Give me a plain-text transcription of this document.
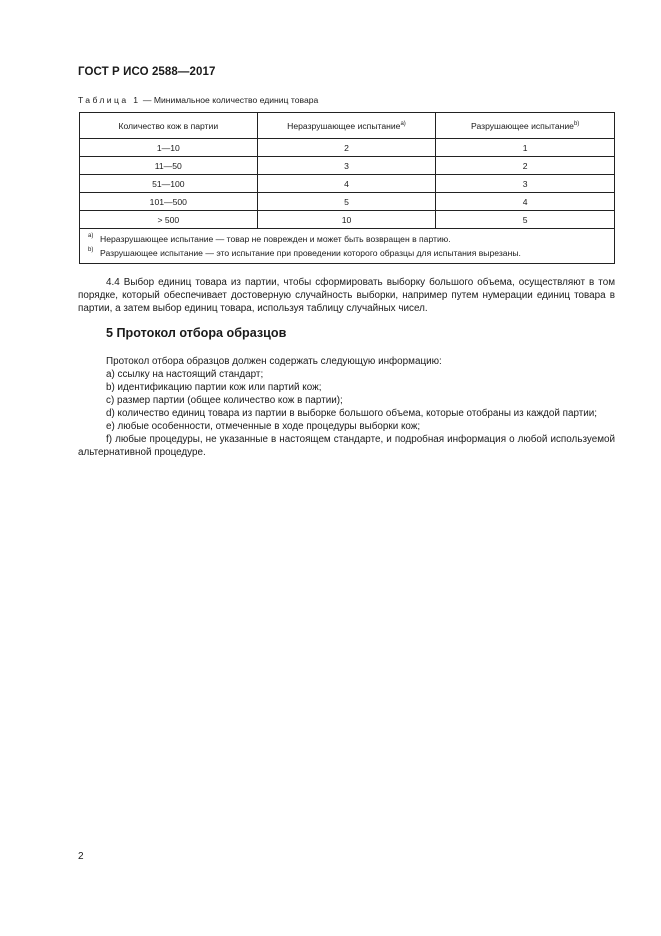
ГОСТ Р ИСО 2588—2017
Таблица 1 — Минимальное количество единиц товара
Количество кож в партии	Неразрушающее испытание$^{а)}$	Разрушающее испытание$^{b)}$
1—10	2	1
11—50	3	2
51—100	4	3
101—500	5	4
> 500	10	5

а) Неразрушающее испытание — товар не поврежден и может быть возвращен в партию.
b) Разрушающее испытание — это испытание при проведении которого образцы для испытания вырезаны.		
4.4 Выбор единиц товара из партии, чтобы сформировать выборку большого объема, осуществляют в том порядке, который обеспечивает достоверную случайность выборки, например путем нумерации единиц товара в партии, а затем выбор единиц товара, используя таблицу случайных чисел.
5 Протокол отбора образцов
Протокол отбора образцов должен содержать следующую информацию:
а) ссылку на настоящий стандарт;
b) идентификацию партии кож или партий кож;
с) размер партии (общее количество кож в партии);
d) количество единиц товара из партии в выборке большого объема, которые отобраны из каждой партии;
е) любые особенности, отмеченные в ходе процедуры выборки кож;
f) любые процедуры, не указанные в настоящем стандарте, и подробная информация о любой используемой альтернативной процедуре.
2
